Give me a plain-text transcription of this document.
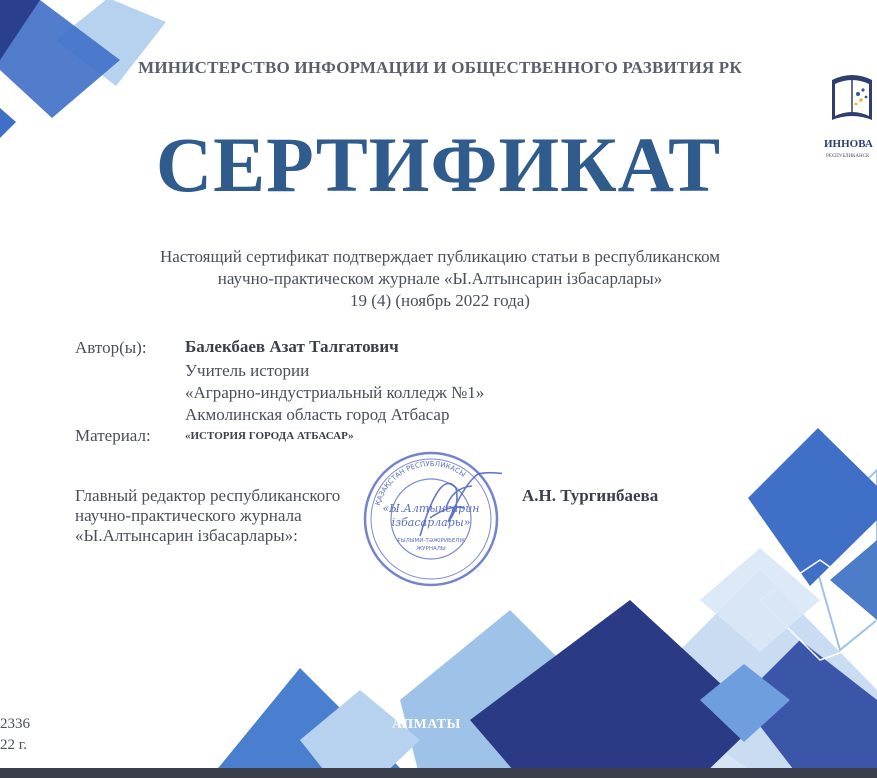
ИННОВА
РЕСПУБЛИКАНСК
МИНИСТЕРСТВО ИНФОРМАЦИИ И ОБЩЕСТВЕННОГО РАЗВИТИЯ РК
СЕРТИФИКАТ
Настоящий сертификат подтверждает публикацию статьи в республиканском
научно-практическом журнале «Ы.Алтынсарин ізбасарлары»
19 (4) (ноябрь 2022 года)
Автор(ы): Балекбаев Азат Талгатович
Учитель истории
«Аграрно-индустриальный колледж №1»
Акмолинская область город Атбасар
Материал:	«ИСТОРИЯ ГОРОДА АТБАСАР»
Главный редактор республиканского
научно-практического журнала
«Ы.Алтынсарин ізбасарлары»:
А.Н. Тургинбаева
ҚАЗАҚСТАН РЕСПУБЛИКАСЫ
«Ы.Алтынсарин
ізбасарлары»
ҒЫЛЫМИ-ТӘЖІРИБЕЛІК
ЖУРНАЛЫ
АЛМАТЫ
2336
22 г.
